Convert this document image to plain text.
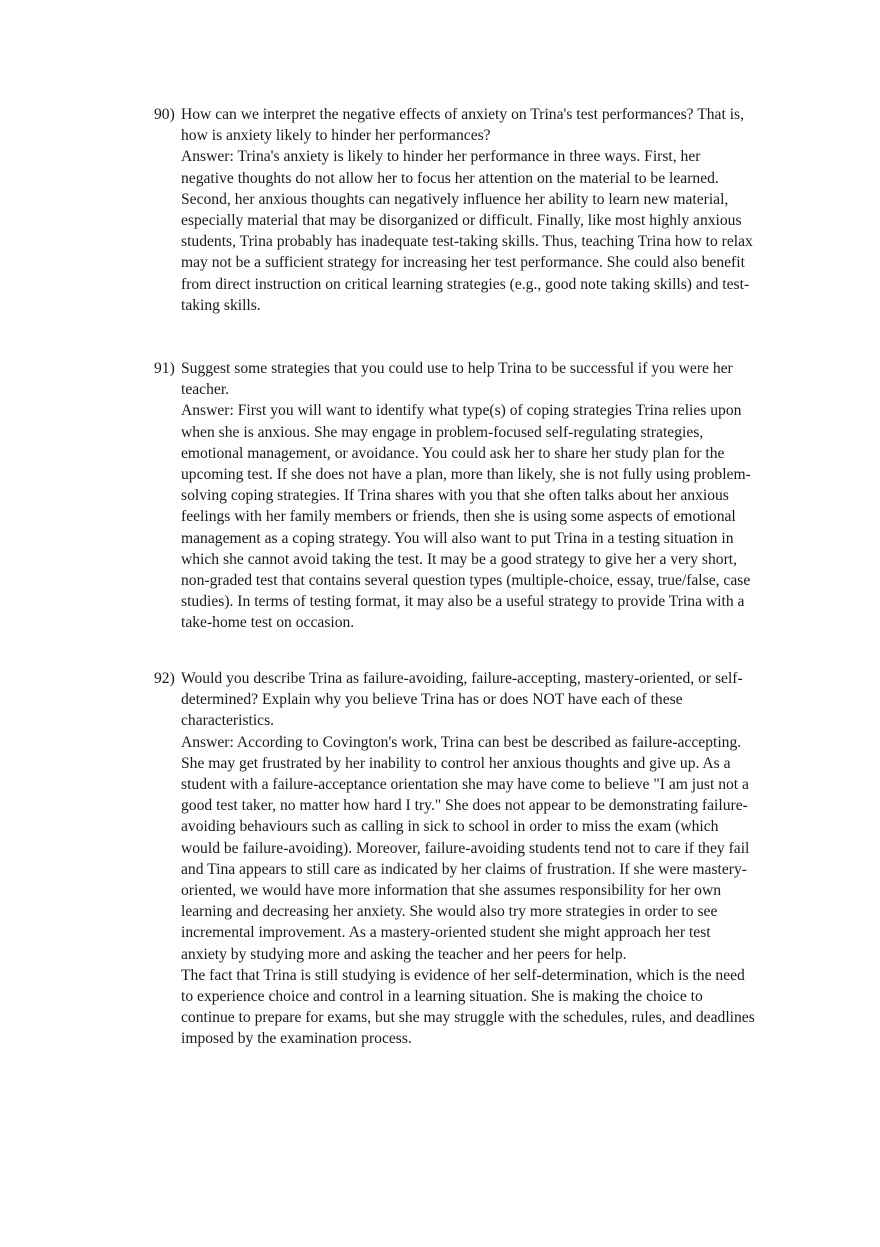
90) How can we interpret the negative effects of anxiety on Trina's test performances? That is, how is anxiety likely to hinder her performances?

Answer: Trina's anxiety is likely to hinder her performance in three ways. First, her negative thoughts do not allow her to focus her attention on the material to be learned. Second, her anxious thoughts can negatively influence her ability to learn new material, especially material that may be disorganized or difficult. Finally, like most highly anxious students, Trina probably has inadequate test-taking skills. Thus, teaching Trina how to relax may not be a sufficient strategy for increasing her test performance. She could also benefit from direct instruction on critical learning strategies (e.g., good note taking skills) and test-taking skills.

91) Suggest some strategies that you could use to help Trina to be successful if you were her teacher.

Answer: First you will want to identify what type(s) of coping strategies Trina relies upon when she is anxious. She may engage in problem-focused self-regulating strategies, emotional management, or avoidance. You could ask her to share her study plan for the upcoming test. If she does not have a plan, more than likely, she is not fully using problem-solving coping strategies. If Trina shares with you that she often talks about her anxious feelings with her family members or friends, then she is using some aspects of emotional management as a coping strategy. You will also want to put Trina in a testing situation in which she cannot avoid taking the test. It may be a good strategy to give her a very short, non-graded test that contains several question types (multiple-choice, essay, true/false, case studies). In terms of testing format, it may also be a useful strategy to provide Trina with a take-home test on occasion.

92) Would you describe Trina as failure-avoiding, failure-accepting, mastery-oriented, or self-determined? Explain why you believe Trina has or does NOT have each of these characteristics.

Answer: According to Covington's work, Trina can best be described as failure-accepting. She may get frustrated by her inability to control her anxious thoughts and give up. As a student with a failure-acceptance orientation she may have come to believe "I am just not a good test taker, no matter how hard I try." She does not appear to be demonstrating failure-avoiding behaviours such as calling in sick to school in order to miss the exam (which would be failure-avoiding). Moreover, failure-avoiding students tend not to care if they fail and Tina appears to still care as indicated by her claims of frustration. If she were mastery-oriented, we would have more information that she assumes responsibility for her own learning and decreasing her anxiety. She would also try more strategies in order to see incremental improvement. As a mastery-oriented student she might approach her test anxiety by studying more and asking the teacher and her peers for help.

The fact that Trina is still studying is evidence of her self-determination, which is the need to experience choice and control in a learning situation. She is making the choice to continue to prepare for exams, but she may struggle with the schedules, rules, and deadlines imposed by the examination process.
